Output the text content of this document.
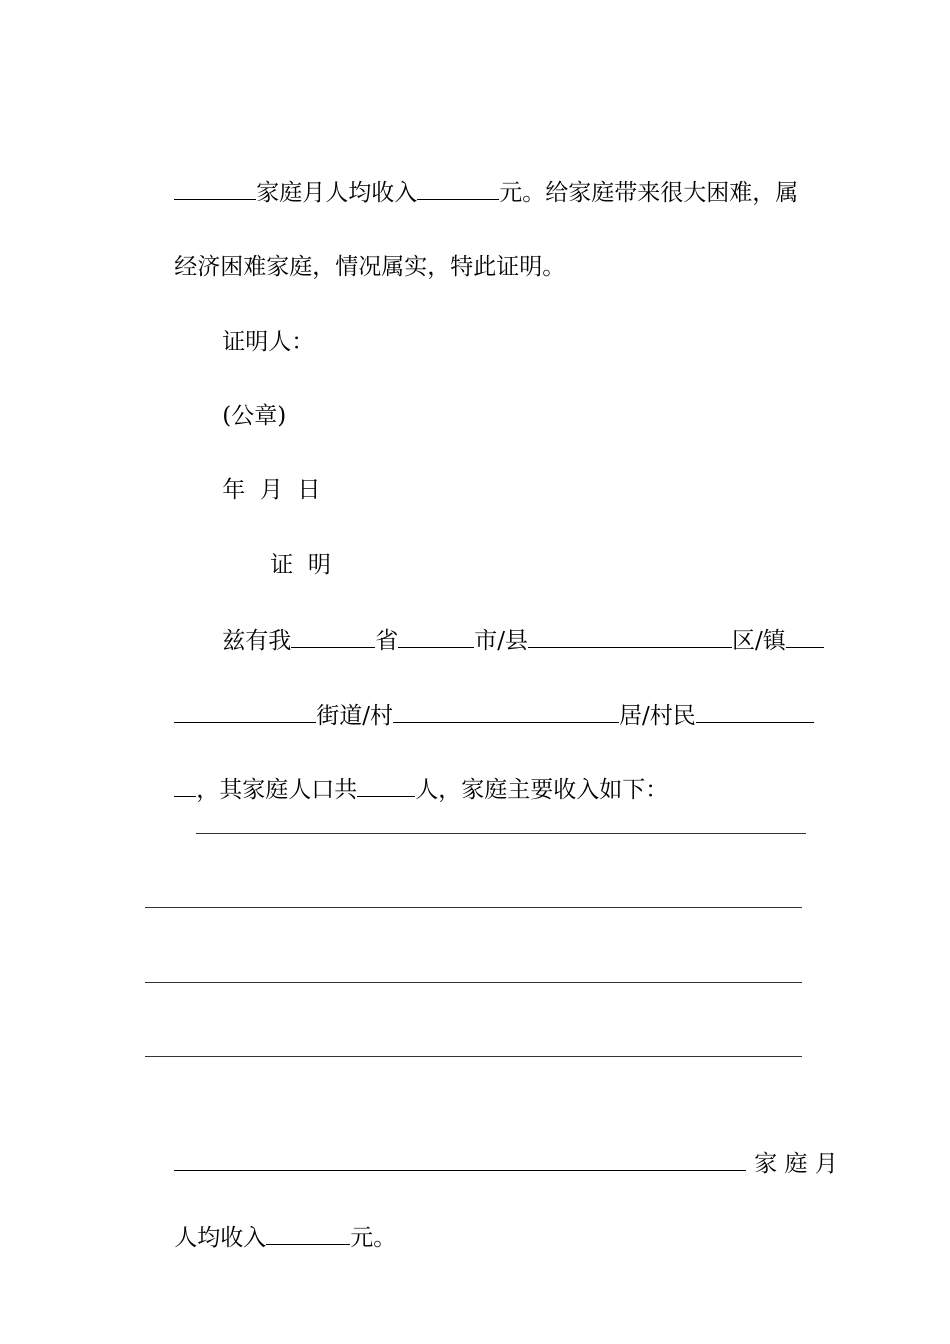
家庭月人均收入	元。给家庭带来很大困难，属

经济困难家庭，情况属实，特此证明。

证明人：

(公章)

年  月  日

证  明

兹有我	省	市/县	区/镇

街道/村	居/村民

，其家庭人口共	人，家庭主要收入如下：

家 庭 月

人均收入	元。
